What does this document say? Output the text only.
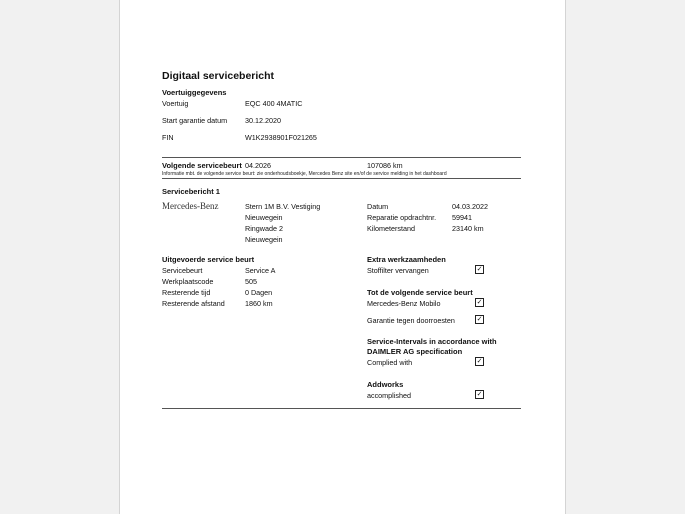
Digitaal servicebericht
Voertuiggegevens
Voertuig	EQC 400 4MATIC
Start garantie datum 30.12.2020
FIN	W1K2938901F021265
Volgende servicebeurt 04.2026	107086 km
Informatie mbt. de volgende service beurt: zie onderhoudsboekje, Mercedes Benz site en/of de service melding in het dashboard
Servicebericht 1
Mercedes-Benz	Stern 1M B.V. Vestiging
Nieuwegein
Ringwade 2
Nieuwegein
Datum	04.03.2022
Reparatie opdrachtnr. 59941
Kilometerstand	23140 km
Uitgevoerde service beurt
Servicebeurt	Service A
Werkplaatscode	505
Resterende tijd	0 Dagen
Resterende afstand	1860 km
Extra werkzaamheden
Stoffilter vervangen	✓
Tot de volgende service beurt
Mercedes-Benz Mobilo	✓
Garantie tegen doorroesten	✓
Service-Intervals in accordance with
DAIMLER AG specification
Complied with	✓
Addworks
accomplished	✓
